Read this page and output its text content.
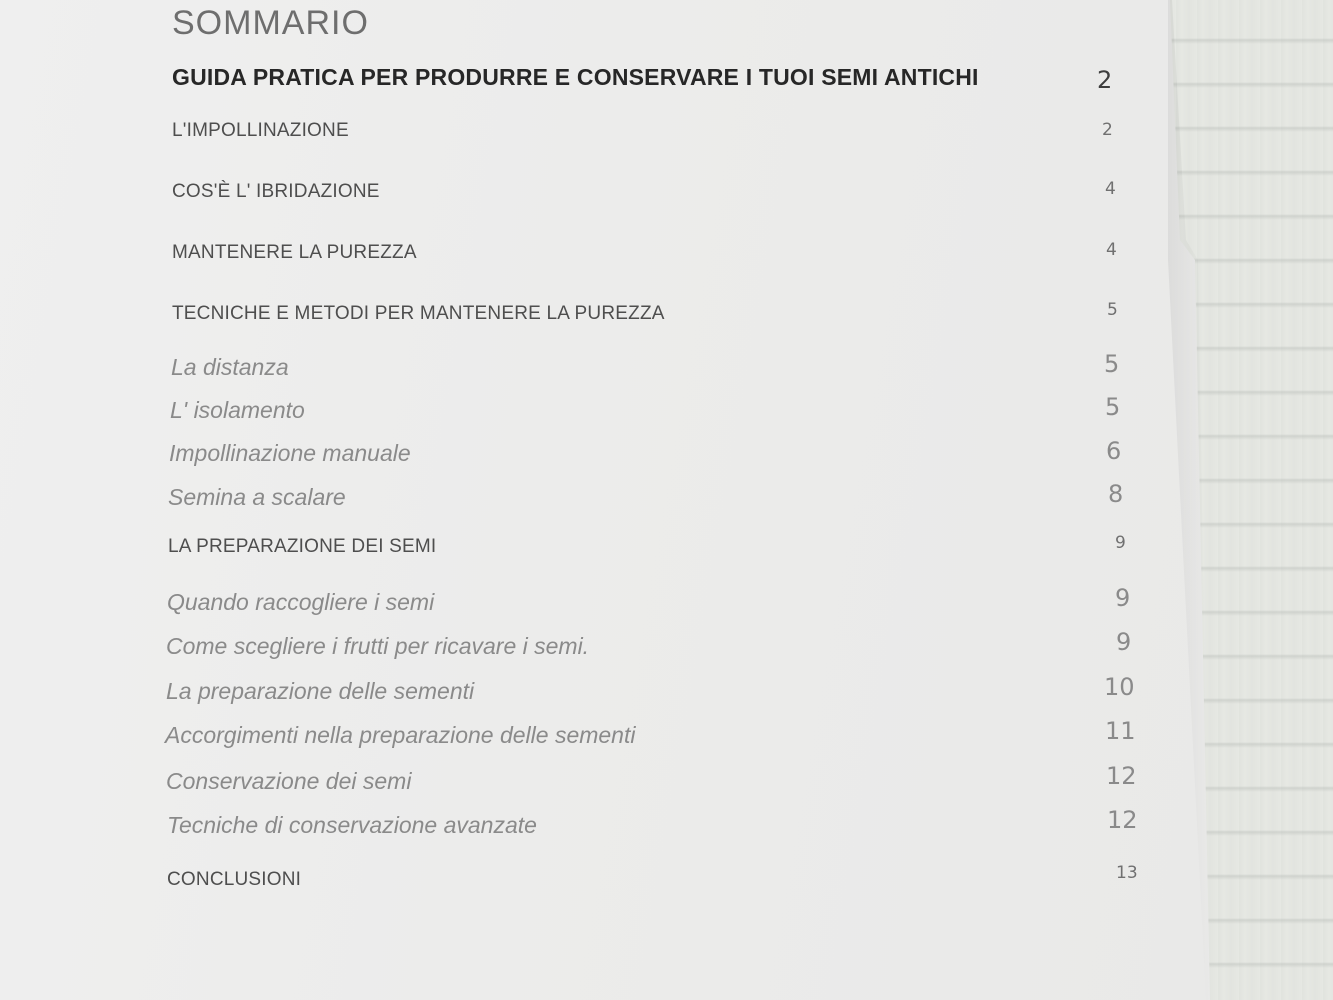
SOMMARIO
GUIDA PRATICA PER PRODURRE E CONSERVARE I TUOI SEMI ANTICHI	2
L'IMPOLLINAZIONE	2
COS'È L' IBRIDAZIONE	4
MANTENERE LA PUREZZA	4
TECNICHE E METODI PER MANTENERE LA PUREZZA	5
La distanza	5
L' isolamento	5
Impollinazione manuale	6
Semina a scalare	8
LA PREPARAZIONE DEI SEMI	9
Quando raccogliere i semi	9
Come scegliere i frutti per ricavare i semi.	9
La preparazione delle sementi	10
Accorgimenti nella preparazione delle sementi	11
Conservazione dei semi	12
Tecniche di conservazione avanzate	12
CONCLUSIONI	13
